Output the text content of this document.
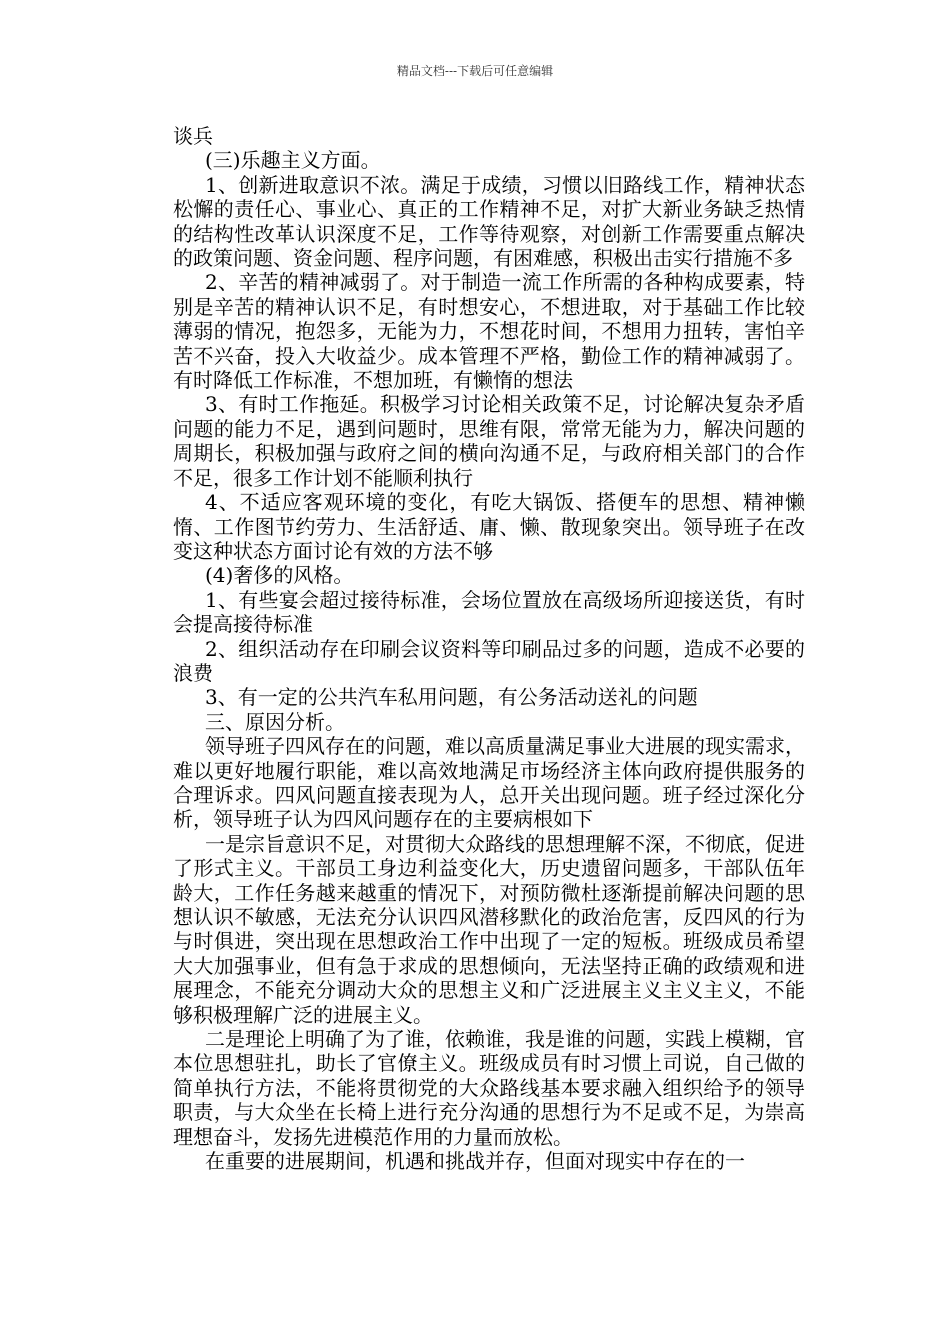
精品文档---下载后可任意编辑

谈兵

(三)乐趣主义方面。

1、创新进取意识不浓。满足于成绩，习惯以旧路线工作，精神状态松懈的责任心、事业心、真正的工作精神不足，对扩大新业务缺乏热情的结构性改革认识深度不足，工作等待观察，对创新工作需要重点解决的政策问题、资金问题、程序问题，有困难感，积极出击实行措施不多

2、辛苦的精神减弱了。对于制造一流工作所需的各种构成要素，特别是辛苦的精神认识不足，有时想安心，不想进取，对于基础工作比较薄弱的情况，抱怨多，无能为力，不想花时间，不想用力扭转，害怕辛苦不兴奋，投入大收益少。成本管理不严格，勤俭工作的精神减弱了。有时降低工作标准，不想加班，有懒惰的想法

3、有时工作拖延。积极学习讨论相关政策不足，讨论解决复杂矛盾问题的能力不足，遇到问题时，思维有限，常常无能为力，解决问题的周期长，积极加强与政府之间的横向沟通不足，与政府相关部门的合作不足，很多工作计划不能顺利执行

4、不适应客观环境的变化，有吃大锅饭、搭便车的思想、精神懒惰、工作图节约劳力、生活舒适、庸、懒、散现象突出。领导班子在改变这种状态方面讨论有效的方法不够

(4)奢侈的风格。

1、有些宴会超过接待标准，会场位置放在高级场所迎接送货，有时会提高接待标准

2、组织活动存在印刷会议资料等印刷品过多的问题，造成不必要的浪费

3、有一定的公共汽车私用问题，有公务活动送礼的问题

三、原因分析。

领导班子四风存在的问题，难以高质量满足事业大进展的现实需求，难以更好地履行职能，难以高效地满足市场经济主体向政府提供服务的合理诉求。四风问题直接表现为人，总开关出现问题。班子经过深化分析，领导班子认为四风问题存在的主要病根如下

一是宗旨意识不足，对贯彻大众路线的思想理解不深，不彻底，促进了形式主义。干部员工身边利益变化大，历史遗留问题多，干部队伍年龄大，工作任务越来越重的情况下，对预防微杜逐渐提前解决问题的思想认识不敏感，无法充分认识四风潜移默化的政治危害，反四风的行为与时俱进，突出现在思想政治工作中出现了一定的短板。班级成员希望大大加强事业，但有急于求成的思想倾向，无法坚持正确的政绩观和进展理念，不能充分调动大众的思想主义和广泛进展主义主义主义，不能够积极理解广泛的进展主义。

二是理论上明确了为了谁，依赖谁，我是谁的问题，实践上模糊，官本位思想驻扎，助长了官僚主义。班级成员有时习惯上司说，自己做的简单执行方法，不能将贯彻党的大众路线基本要求融入组织给予的领导职责，与大众坐在长椅上进行充分沟通的思想行为不足或不足，为崇高理想奋斗，发扬先进模范作用的力量而放松。

在重要的进展期间，机遇和挑战并存，但面对现实中存在的一
